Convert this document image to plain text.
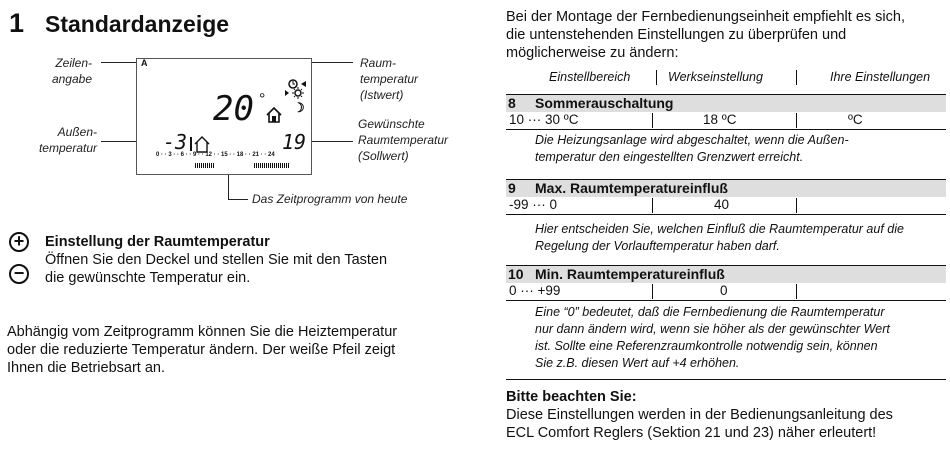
1 Standardanzeige
Zeilen-
angabe
Außen-
temperatur
Raum-
temperatur
(Istwert)
Gewünschte
Raumtemperatur
(Sollwert)
Das Zeitprogramm von heute
A
20 ° ☽
-3	19
0 · · 3 · · 6 · · 9 · · 12 · · 15 · · 18 · · 21 · · 24
+
−
Einstellung der Raumtemperatur
Öffnen Sie den Deckel und stellen Sie mit den Tasten
die gewünschte Temperatur ein.
Abhängig vom Zeitprogramm können Sie die Heiztemperatur
oder die reduzierte Temperatur ändern. Der weiße Pfeil zeigt
Ihnen die Betriebsart an.
Bei der Montage der Fernbedienungseinheit empfiehlt es sich,
die untenstehenden Einstellungen zu überprüfen und
möglicherweise zu ändern:
Einstellbereich	Werkseinstellung	Ihre Einstellungen
8 Sommerauschaltung
10 ··· 30 ºC	18 ºC	ºC
Die Heizungsanlage wird abgeschaltet, wenn die Außen-
temperatur den eingestellten Grenzwert erreicht.
9 Max. Raumtemperatureinfluß
-99 ··· 0	40
Hier entscheiden Sie, welchen Einfluß die Raumtemperatur auf die
Regelung der Vorlauftemperatur haben darf.
10 Min. Raumtemperatureinfluß
0 ··· +99	0
Eine “0” bedeutet, daß die Fernbedienung die Raumtemperatur
nur dann ändern wird, wenn sie höher als der gewünschter Wert
ist. Sollte eine Referenzraumkontrolle notwendig sein, können
Sie z.B. diesen Wert auf +4 erhöhen.
Bitte beachten Sie:
Diese Einstellungen werden in der Bedienungsanleitung des
ECL Comfort Reglers (Sektion 21 und 23) näher erleutert!
